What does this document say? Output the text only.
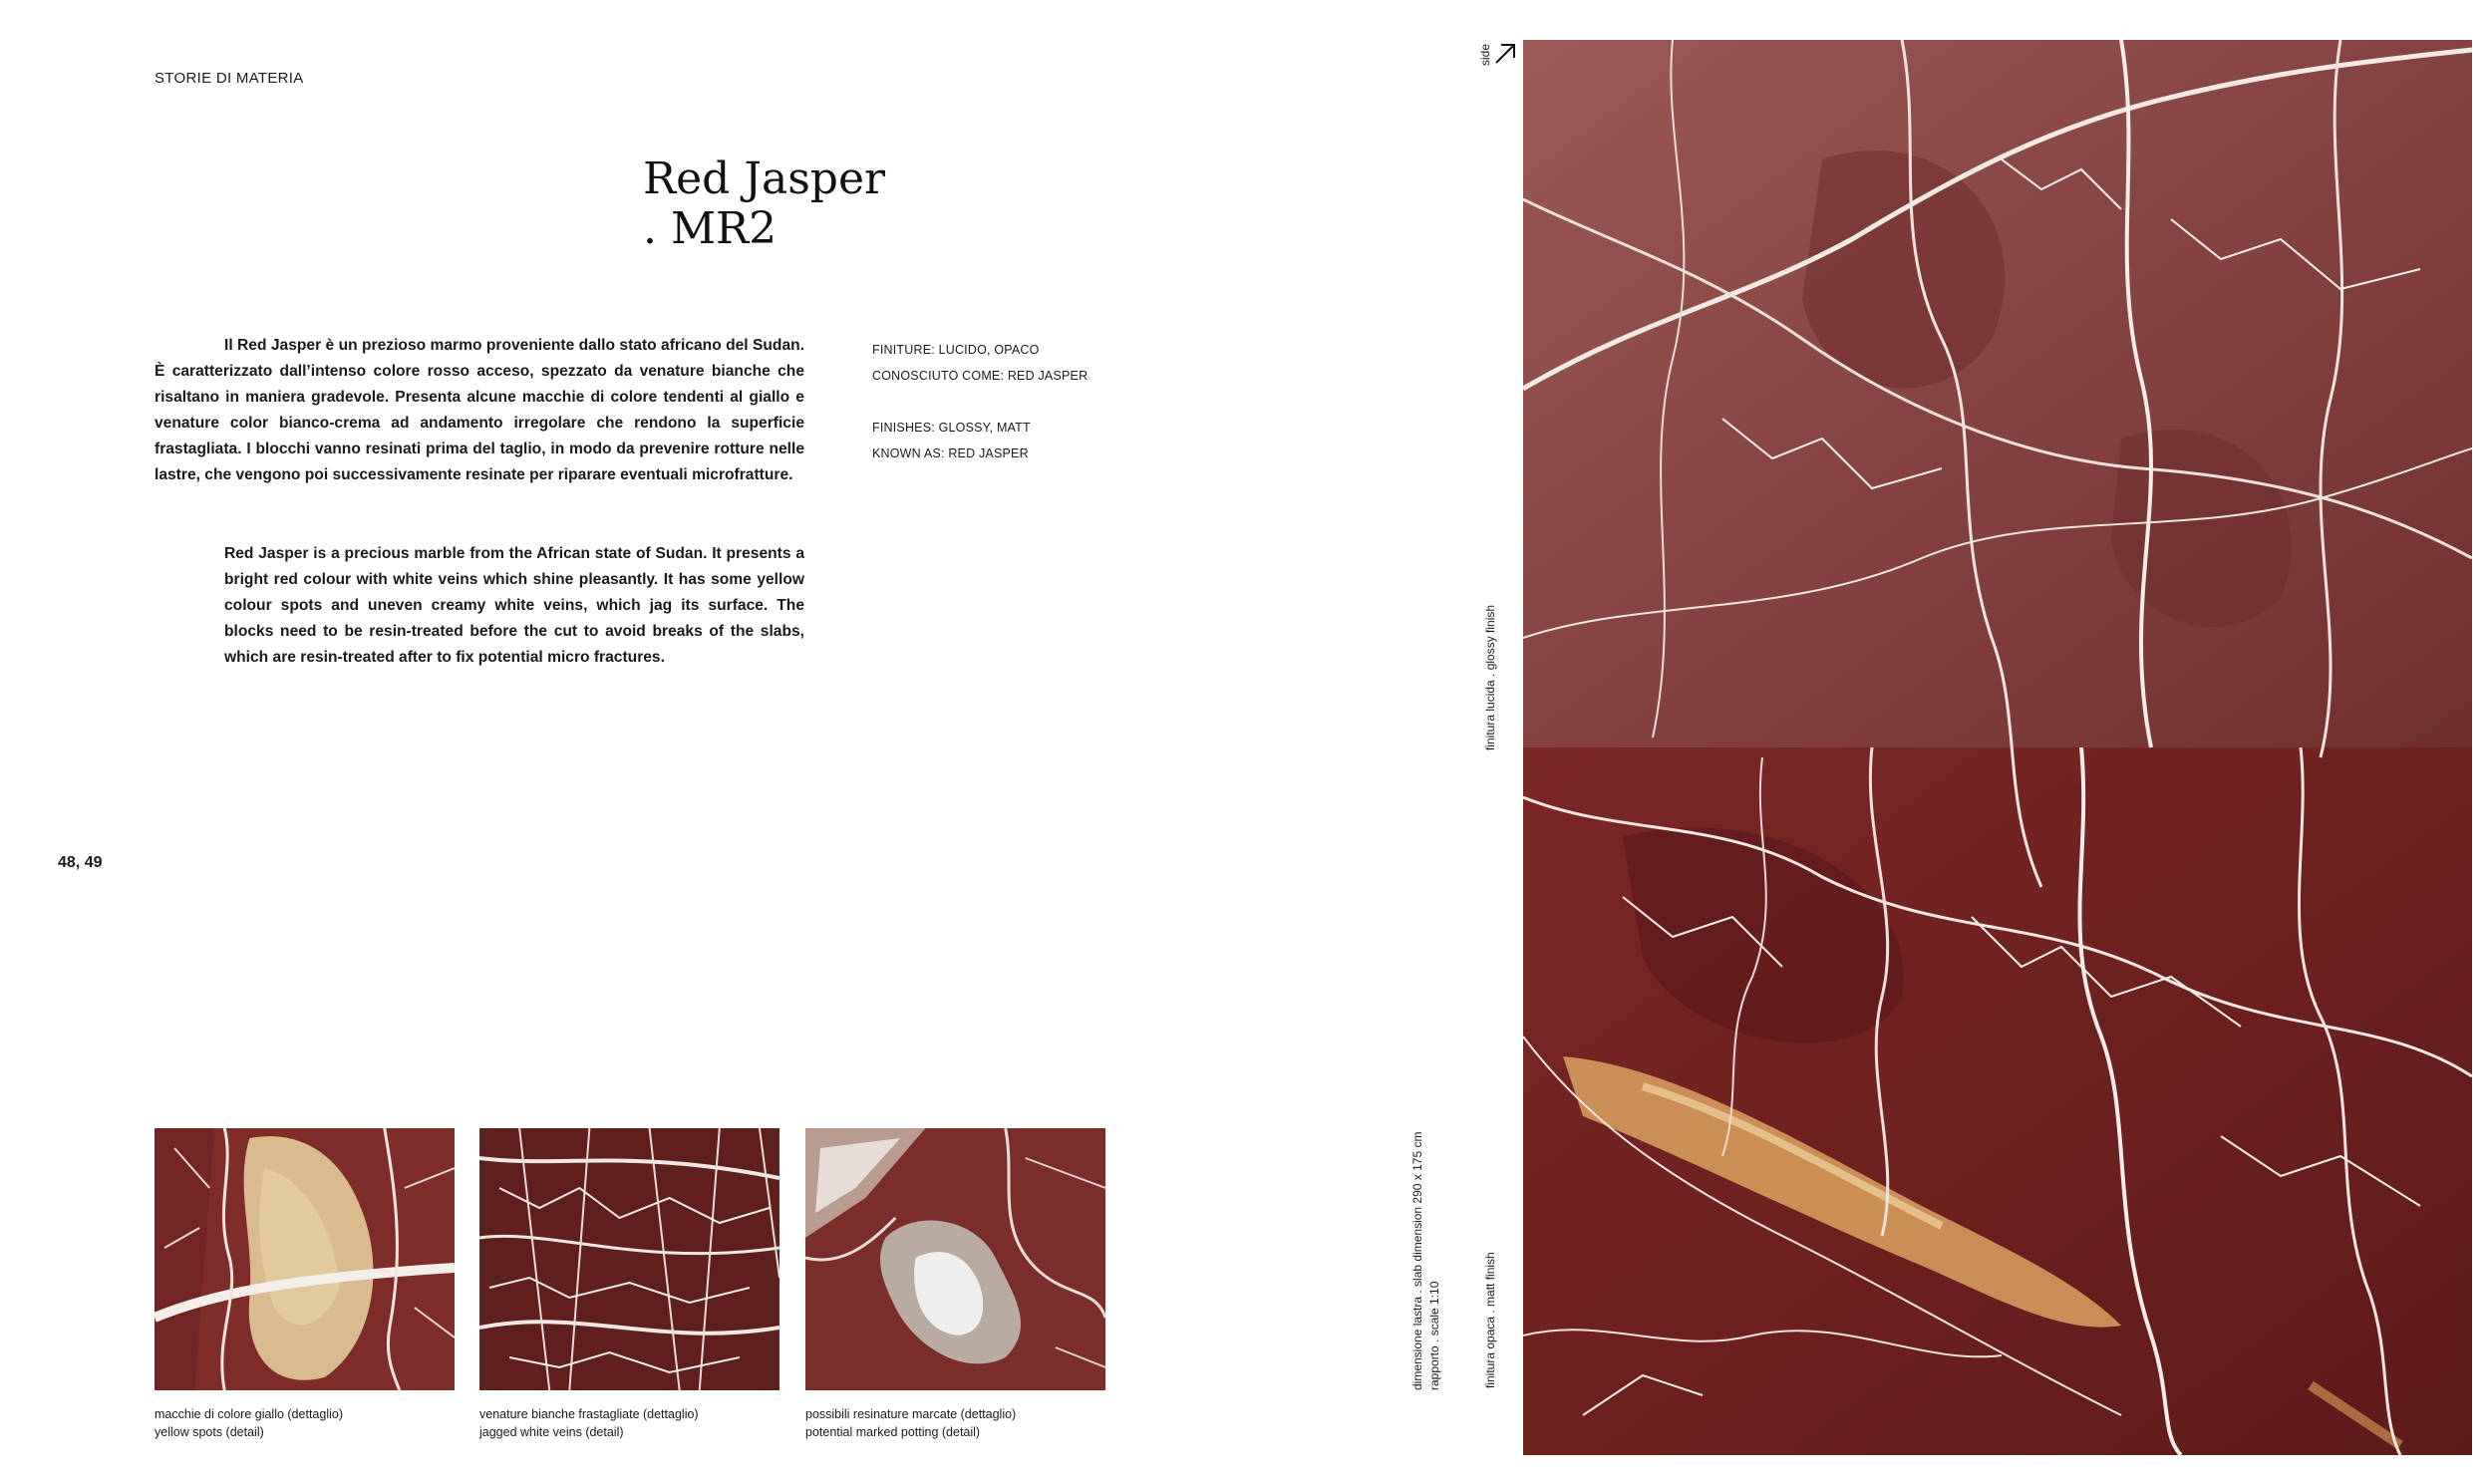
STORIE DI MATERIA
Red Jasper
. MR2
Il Red Jasper è un prezioso marmo proveniente dallo stato africano del Sudan. È caratterizzato dall’intenso colore rosso acceso, spezzato da venature bianche che risaltano in maniera gradevole. Presenta alcune macchie di colore tendenti al giallo e venature color bianco-crema ad andamento irregolare che rendono la superficie frastagliata. I blocchi vanno resinati prima del taglio, in modo da prevenire rotture nelle lastre, che vengono poi successivamente resinate per riparare eventuali microfratture.
Red Jasper is a precious marble from the African state of Sudan. It presents a bright red colour with white veins which shine pleasantly. It has some yellow colour spots and uneven creamy white veins, which jag its surface. The blocks need to be resin-treated before the cut to avoid breaks of the slabs, which are resin-treated after to fix potential micro fractures.
FINITURE: LUCIDO, OPACO
CONOSCIUTO COME: RED JASPER
FINISHES: GLOSSY, MATT
KNOWN AS: RED JASPER
48, 49
macchie di colore giallo (dettaglio)
yellow spots (detail)
venature bianche frastagliate (dettaglio)
jagged white veins (detail)
possibili resinature marcate (dettaglio)
potential marked potting (detail)
side
finitura lucida . glossy finish
finitura opaca . matt finish
dimensione lastra . slab dimension 290 x 175 cm rapporto . scale 1:10
